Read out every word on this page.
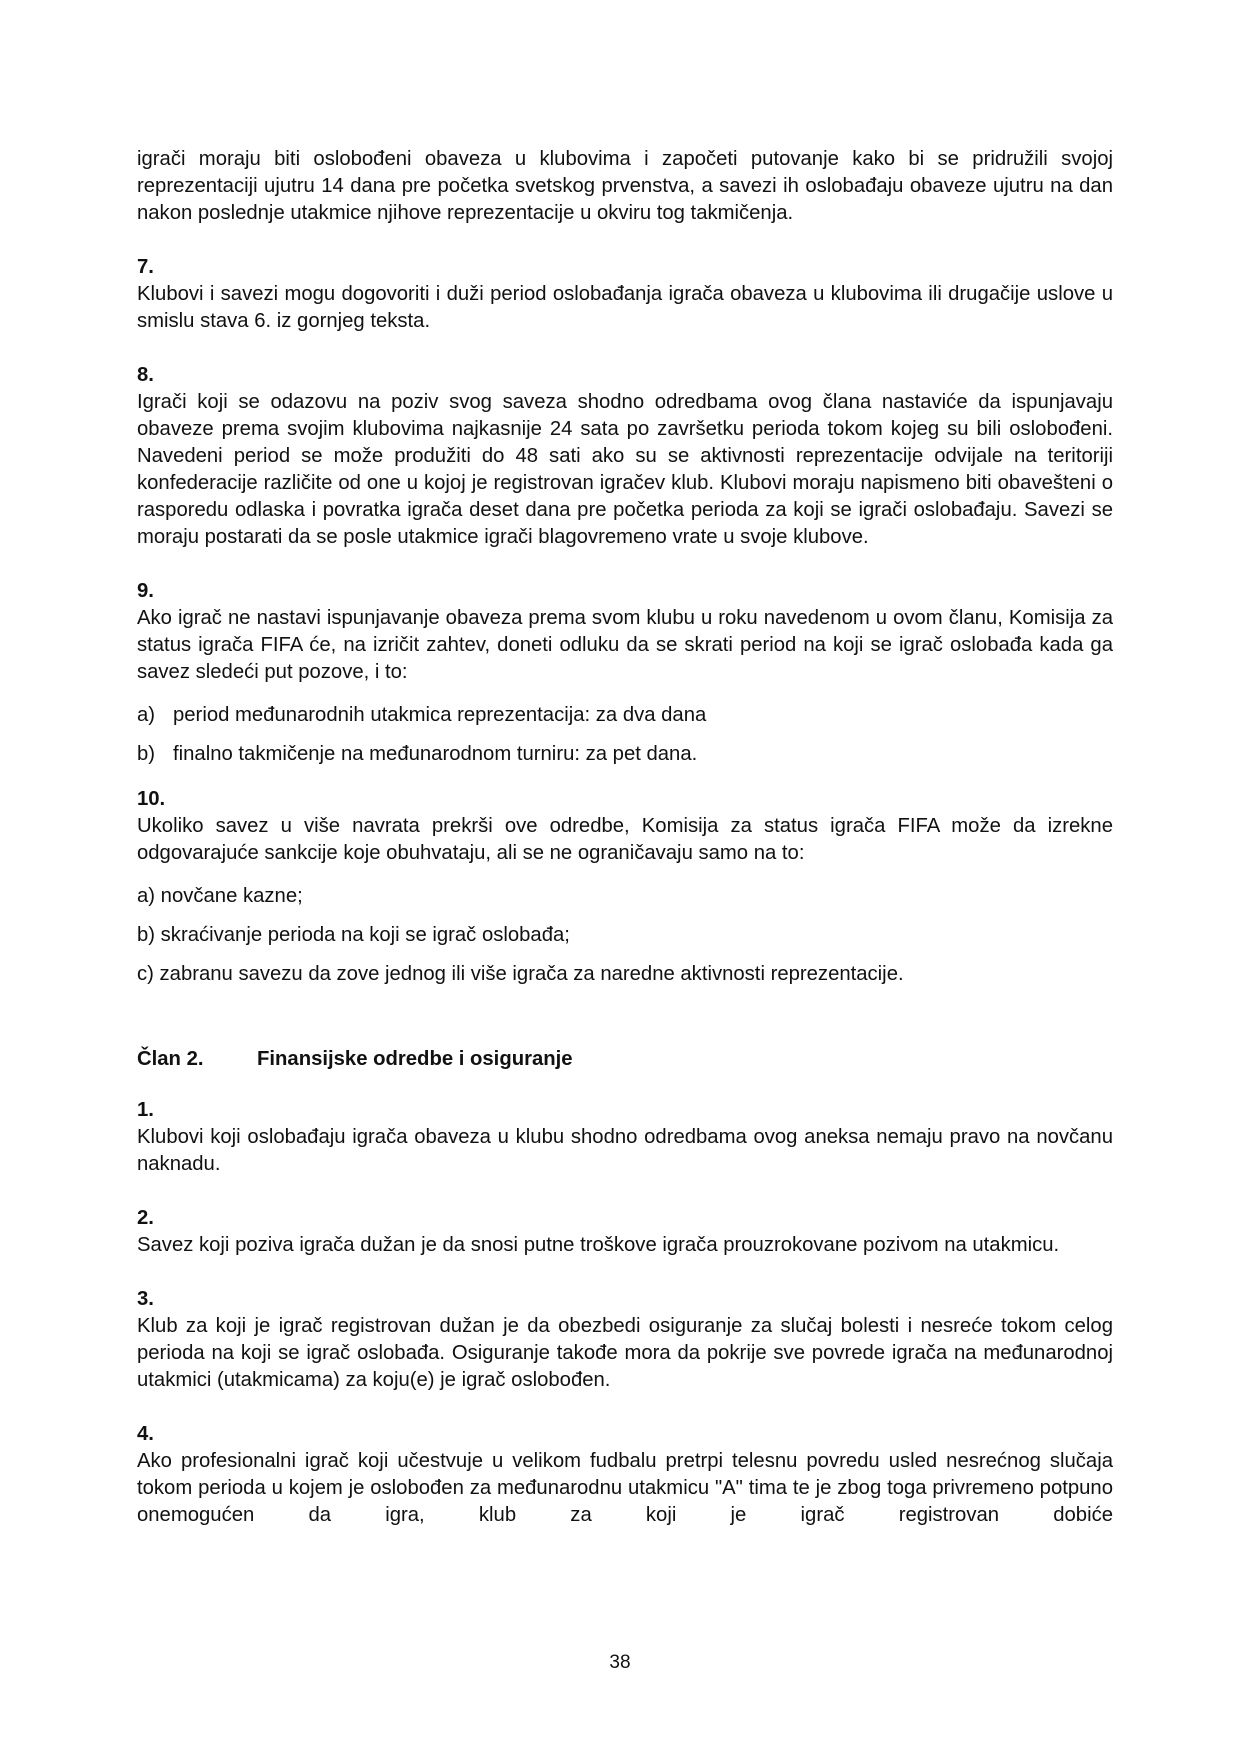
igrači moraju biti oslobođeni obaveza u klubovima i započeti putovanje kako bi se pridružili svojoj reprezentaciji ujutru 14 dana pre početka svetskog prvenstva, a savezi ih oslobađaju obaveze ujutru na dan nakon poslednje utakmice njihove reprezentacije u okviru tog takmičenja.

7.

Klubovi i savezi mogu dogovoriti i duži period oslobađanja igrača obaveza u klubovima ili drugačije uslove u smislu stava 6. iz gornjeg teksta.

8.

Igrači koji se odazovu na poziv svog saveza shodno odredbama ovog člana nastaviće da ispunjavaju obaveze prema svojim klubovima najkasnije 24 sata po završetku perioda tokom kojeg su bili oslobođeni. Navedeni period se može produžiti do 48 sati ako su se aktivnosti reprezentacije odvijale na teritoriji konfederacije različite od one u kojoj je registrovan igračev klub. Klubovi moraju napismeno biti obavešteni o rasporedu odlaska i povratka igrača deset dana pre početka perioda za koji se igrači oslobađaju. Savezi se moraju postarati da se posle utakmice igrači blagovremeno vrate u svoje klubove.

9.

Ako igrač ne nastavi ispunjavanje obaveza prema svom klubu u roku navedenom u ovom članu, Komisija za status igrača FIFA će, na izričit zahtev, doneti odluku da se skrati period na koji se igrač oslobađa kada ga savez sledeći put pozove, i to:

a) period međunarodnih utakmica reprezentacija: za dva dana
b) finalno takmičenje na međunarodnom turniru: za pet dana.

10.

Ukoliko savez u više navrata prekrši ove odredbe, Komisija za status igrača FIFA može da izrekne odgovarajuće sankcije koje obuhvataju, ali se ne ograničavaju samo na to:

a) novčane kazne;

b) skraćivanje perioda na koji se igrač oslobađa;

c) zabranu savezu da zove jednog ili više igrača za naredne aktivnosti reprezentacije.

Član 2.	Finansijske odredbe i osiguranje

1.

Klubovi koji oslobađaju igrača obaveza u klubu shodno odredbama ovog aneksa nemaju pravo na novčanu naknadu.

2.

Savez koji poziva igrača dužan je da snosi putne troškove igrača prouzrokovane pozivom na utakmicu.

3.

Klub za koji je igrač registrovan dužan je da obezbedi osiguranje za slučaj bolesti i nesreće tokom celog perioda na koji se igrač oslobađa. Osiguranje takođe mora da pokrije sve povrede igrača na međunarodnoj utakmici (utakmicama) za koju(e) je igrač oslobođen.

4.

Ako profesionalni igrač koji učestvuje u velikom fudbalu pretrpi telesnu povredu usled nesrećnog slučaja tokom perioda u kojem je oslobođen za međunarodnu utakmicu "A" tima te je zbog toga privremeno potpuno onemogućen da igra, klub za koji je igrač registrovan dobiće

38
